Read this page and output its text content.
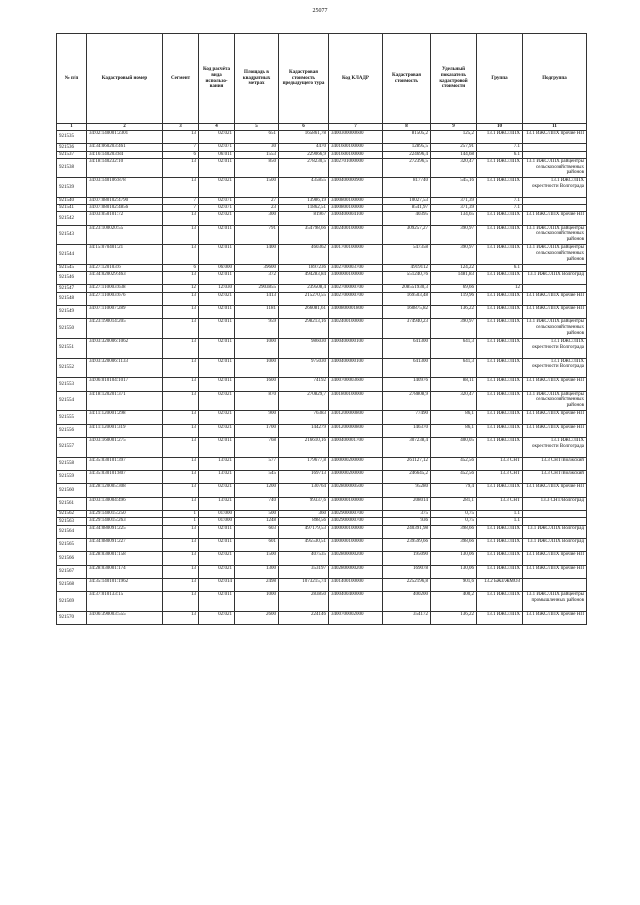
25077
№ п/п	Кадастровый номер	Сегмент	Код расчёта вида использо-вания	Площадь в квадратных метрах	Кадастровая стоимость предыдущего тура	Код КЛАДР	Кадастровая стоимость	Удельный показатель кадастровой стоимости	Группа	Подгруппа
1	2	3	4	5	6	7	8	9	10	11
921535	34:02:140001:2301	13	02:021	651	165861,78	3400300000600	81505,2	125,2	13.1 ИЖС/ЛПХ	13.1 ИЖС/ЛПХ прочие НП
921536	34:34:060203:461	7	02:071	30	4470	3401600100000	12895,5	257,91	7.1	
921537	34:16:140203:84	6	06:011	1553	229066,9	3401600100000	224696,4	144,68	6.1	
921538	34:18:140232:10	13	02:011	850	278230,5	3402701000000	272396,5	320,47	13.1 ИЖС/ЛПХ	13.1 ИЖС/ЛПХ райцентры сельскохозяйственных районов
921539	34:03:140106:878	13	02:021	1500	435855	3400400000900	817740	545,16	13.1 ИЖС/ЛПХ	13.1 ИЖС/ЛПХ окрестности Волгограда
921540	34:07:080102:4790	7	02:071	27	13986,19	3400800100000	10027,53	371,39	7.1	
921541	34:07:080102:4856	7	02:071	23	11862,51	3400800100000	8541,97	371,39	7.1	
921542	34:03:050101:72	13	02:021	300	81967	3400400004100	40395	134,65	13.1 ИЖС/ЛПХ	13.1 ИЖС/ЛПХ прочие НП
921543	34:23:100020:55	13	02:011	791	354798,66	3402400100000	309257,27	390,97	13.1 ИЖС/ЛПХ	13.1 ИЖС/ЛПХ райцентры сельскохозяйственных районов
921544	34:15:070401:21	13	02:011	1400	460362	3401700100000	547358	390,97	13.1 ИЖС/ЛПХ	13.1 ИЖС/ЛПХ райцентры сельскохозяйственных районов
921545	34:27:120103:6	6	06:000	39600	1897236	3402700003700	4919112	124,22	6.1	
921546	34:34:020029:463	13	02:011	372	494283,84	3400000100000	551240,76	1481,83	13.1 ИЖС/ЛПХ	13.1 ИЖС/ЛПХ Волгоград
921547	34:27:110003:638	12	12:030	2903855	239508,4	3402700000700	208551930,3	69,66	12	
921548	34:27:110003:676	13	02:021	1413	215270,55	3402700000700	169503,48	119,96	13.1 ИЖС/ЛПХ	13.1 ИЖС/ЛПХ прочие НП
921549	34:07:110007:289	13	02:011	1181	266081,61	3400800001800	160875,82	136,22	13.1 ИЖС/ЛПХ	13.1 ИЖС/ЛПХ прочие НП
921550	34:23:190014:205	13	02:011	959	298213,16	3402400100000	374940,23	390,97	13.1 ИЖС/ЛПХ	13.1 ИЖС/ЛПХ райцентры сельскохозяйственных районов
921551	34:03:320006:1062	13	02:011	1000	986030	3400400000100	641300	641,3	13.1 ИЖС/ЛПХ	13.1 ИЖС/ЛПХ окрестности Волгограда
921552	34:03:320006:1133	13	02:011	1000	975030	3400400000100	641300	641,3	13.1 ИЖС/ЛПХ	13.1 ИЖС/ЛПХ окрестности Волгограда
921553	34:06:010104:1017	13	02:011	1600	74192	3400700003600	140976	88,11	13.1 ИЖС/ЛПХ	13.1 ИЖС/ЛПХ прочие НП
921554	34:18:120201:371	13	02:021	870	270829,7	3401800100000	278808,9	320,47	13.1 ИЖС/ЛПХ	13.1 ИЖС/ЛПХ райцентры сельскохозяйственных районов
921555	34:11:120001:298	13	02:021	900	76383	3401200000800	77490	86,1	13.1 ИЖС/ЛПХ	13.1 ИЖС/ЛПХ прочие НП
921556	34:11:120001:319	13	02:021	1700	144279	3401200000800	146370	86,1	13.1 ИЖС/ЛПХ	13.1 ИЖС/ЛПХ прочие НП
921557	34:03:160001:275	13	02:011	768	216610,16	3400400001700	307238,4	400,05	13.1 ИЖС/ЛПХ	13.1 ИЖС/ЛПХ окрестности Волгограда
921558	34:35:030101:397	13	13:021	577	179677,8	3400000200000	261127,12	452,56	13.3 СНТ	13.3 СНТ/Волжский
921559	34:35:030101:807	13	13:021	545	169713	3400000200000	246645,2	452,56	13.3 СНТ	13.3 СНТ/Волжский
921560	34:28:120005:308	13	02:021	1200	130764	3402800000500	95280	79,4	13.1 ИЖС/ЛПХ	13.1 ИЖС/ЛПХ прочие НП
921561	34:03:130004:496	13	13:021	740	99337,6	3400000100000	208014	281,1	13.3 СНТ	13.3 СНТ/Волгоград
921562	34:29:140015:250	1	01:000	500	360	3402900000700	375	0,75	1.1	
921563	34:29:140015:263	1	01:000	1248	898,56	3402900000700	936	0,75	1.1	
921564	34:34:080091:225	13	02:011	603	497179,53	3400000100000	240391,98	398,66	13.1 ИЖС/ЛПХ	13.1 ИЖС/ЛПХ Волгоград
921565	34:34:080091:227	13	02:011	601	495530,51	3400000100000	239599,66	398,66	13.1 ИЖС/ЛПХ	13.1 ИЖС/ЛПХ Волгоград
921566	34:28:030001:158	13	02:021	1500	407535	3402800000200	195090	130,06	13.1 ИЖС/ЛПХ	13.1 ИЖС/ЛПХ прочие НП
921567	34:28:030001:174	13	02:021	1300	353197	3402800000200	169078	130,06	13.1 ИЖС/ЛПХ	13.1 ИЖС/ЛПХ прочие НП
921568	34:35:140101:1962	13	02:014	2498	1073215,74	3401400100000	2252196,8	901,6	13.2 БЖЗ/ЖМОЗ	
921569	34:37:010133:15	13	02:011	1000	283850	3400400400000	400200	400,2	13.1 ИЖС/ЛПХ	13.1 ИЖС/ЛПХ райцентры промышленных районов
921570	34:06:390003:555	13	02:021	2600	224146	3400700002000	354172	136,22	13.1 ИЖС/ЛПХ	13.1 ИЖС/ЛПХ прочие НП
